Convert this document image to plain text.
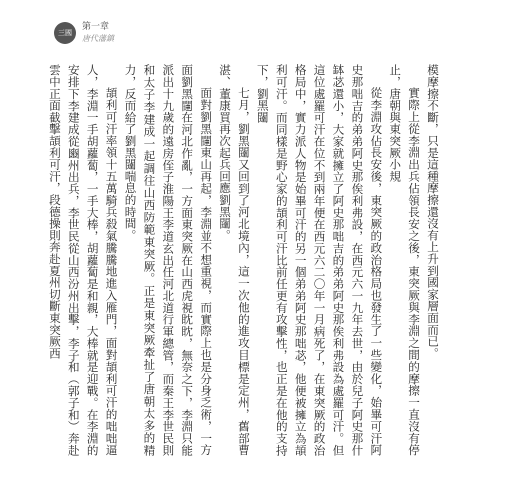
三國
第一章
唐代藩鎮

模摩擦不斷，只是這種摩擦還沒有上升到國家層面而已。

實際上從李淵出兵佔領長安之後，東突厥與李淵之間的摩擦一直沒有停止，唐朝與東突厥小規

從李淵攻佔長安後，東突厥的政治格局也發生了一些變化，始畢可汗阿史那咄吉的弟弟阿史那俟利弗設，在西元六一九年去世，由於兒子阿史那什缽苾還小，大家就擁立了阿史那咄吉的弟弟阿史那俟利弗設為處羅可汗。但這位處羅可汗在位不到兩年便在西元六二〇年一月病死了，在東突厥的政治格局中，實力派人物是始畢可汗的另一個弟弟阿史那咄苾，他便被擁立為頡利可汗。而同樣是野心家的頡利可汗比前任更有攻擊性，也正是在他的支持下，劉黑闥

七月，劉黑闥又回到了河北境內，這一次他的進攻目標是定州，舊部曹湛、董康買再次起兵回應劉黑闥。

面對劉黑闥東山再起，李淵並不想重視，而實際上也是分身乏術，一方面劉黑闥在河北作亂，一方面東突厥在山西虎視眈眈，無奈之下，李淵只能派出十九歲的遠房侄子淮陽王李道玄出任河北道行軍總管，而秦王李世民則和太子李建成一起調往山西防範東突厥。正是東突厥牽扯了唐朝太多的精力，反而給了劉黑闥喘息的時間。

頡利可汗率領十五萬騎兵殺氣騰騰地進入雁門，面對頡利可汗的咄咄逼人，李淵一手胡蘿蔔，一手大棒，胡蘿蔔是和親，大棒就是迎戰。在李淵的安排下李建成從豳州出兵，李世民從山西汾州出擊，李子和（郭子和）奔赴雲中正面截擊頡利可汗，段德操則奔赴夏州切斷東突厥西
